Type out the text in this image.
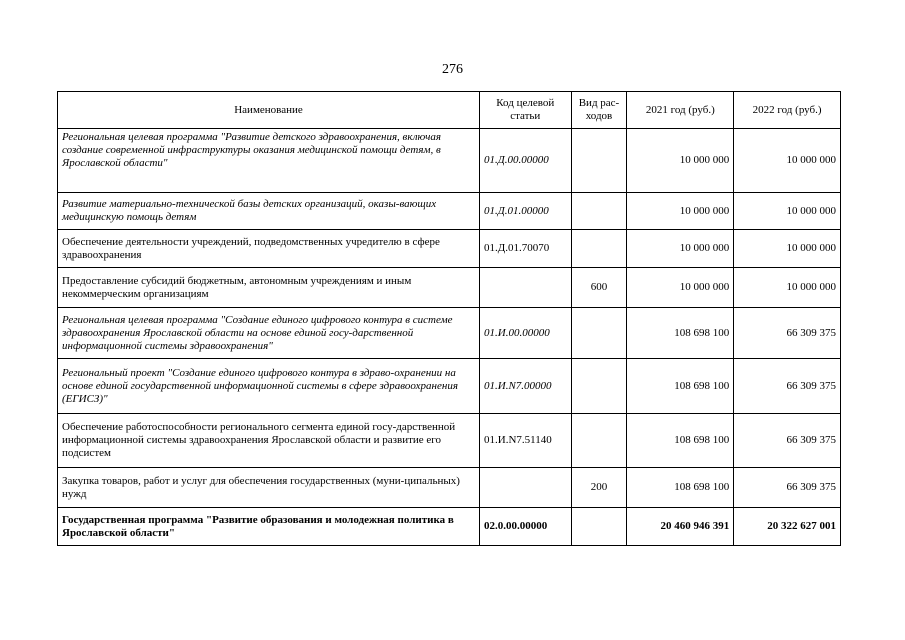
276
Наименование	Код целевой статьи	Вид рас-ходов	2021 год (руб.)	2022 год (руб.)
Региональная целевая программа "Развитие детского здравоохранения, включая создание современной инфраструктуры оказания медицинской помощи детям, в Ярославской области"	01.Д.00.00000		10 000 000	10 000 000
Развитие материально-технической базы детских организаций, оказы-вающих медицинскую помощь детям	01.Д.01.00000		10 000 000	10 000 000
Обеспечение деятельности учреждений, подведомственных учредителю в сфере здравоохранения	01.Д.01.70070		10 000 000	10 000 000
Предоставление субсидий бюджетным, автономным учреждениям и иным некоммерческим организациям		600	10 000 000	10 000 000
Региональная целевая программа "Создание единого цифрового контура в системе здравоохранения Ярославской области на основе единой госу-дарственной информационной системы здравоохранения"	01.И.00.00000		108 698 100	66 309 375
Региональный проект "Создание единого цифрового контура в здраво-охранении на основе единой государственной информационной системы в сфере здравоохранения (ЕГИСЗ)"	01.И.N7.00000		108 698 100	66 309 375
Обеспечение работоспособности регионального сегмента единой госу-дарственной информационной системы здравоохранения Ярославской области и развитие его подсистем	01.И.N7.51140		108 698 100	66 309 375
Закупка товаров, работ и услуг для обеспечения государственных (муни-ципальных) нужд		200	108 698 100	66 309 375
Государственная программа "Развитие образования и молодежная политика в Ярославской области"	02.0.00.00000		20 460 946 391	20 322 627 001
